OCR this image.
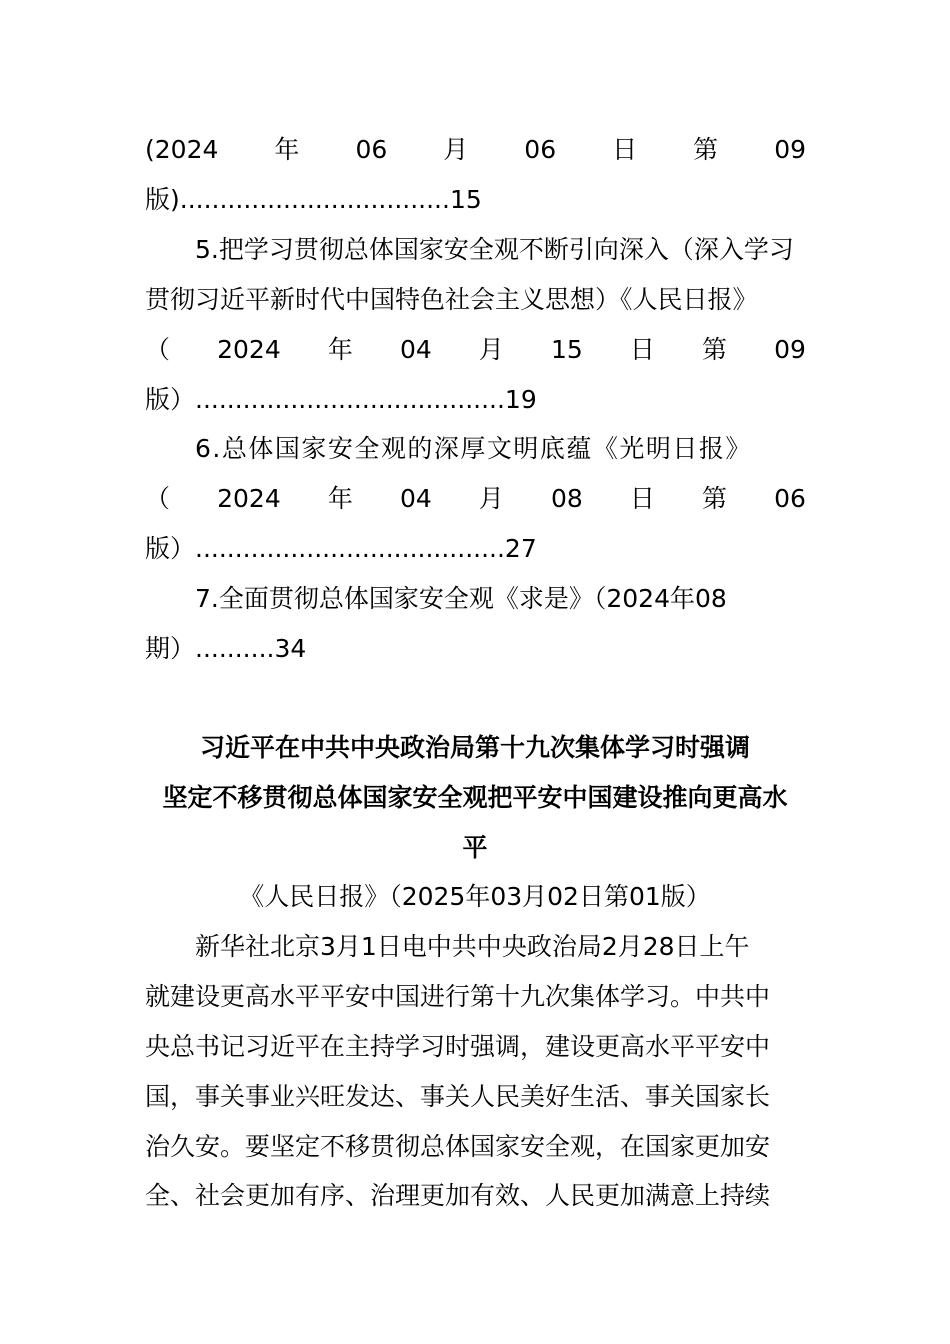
(2024 年 06 月 06 日 第 09
版)..................................15
5.把学习贯彻总体国家安全观不断引向深入（深入学习
贯彻习近平新时代中国特色社会主义思想）《人民日报》
（ 2024 年 04 月 15 日 第 09
版）.......................................19
6.总体国家安全观的深厚文明底蕴《光明日报》
（ 2024 年 04 月 08 日 第 06
版）.......................................27
7.全面贯彻总体国家安全观《求是》（2024年08
期）..........34
习近平在中共中央政治局第十九次集体学习时强调
坚定不移贯彻总体国家安全观把平安中国建设推向更高水
平
《人民日报》（2025年03月02日第01版）
新华社北京3月1日电中共中央政治局2月28日上午
就建设更高水平平安中国进行第十九次集体学习。中共中
央总书记习近平在主持学习时强调，建设更高水平平安中
国，事关事业兴旺发达、事关人民美好生活、事关国家长
治久安。要坚定不移贯彻总体国家安全观，在国家更加安
全、社会更加有序、治理更加有效、人民更加满意上持续
